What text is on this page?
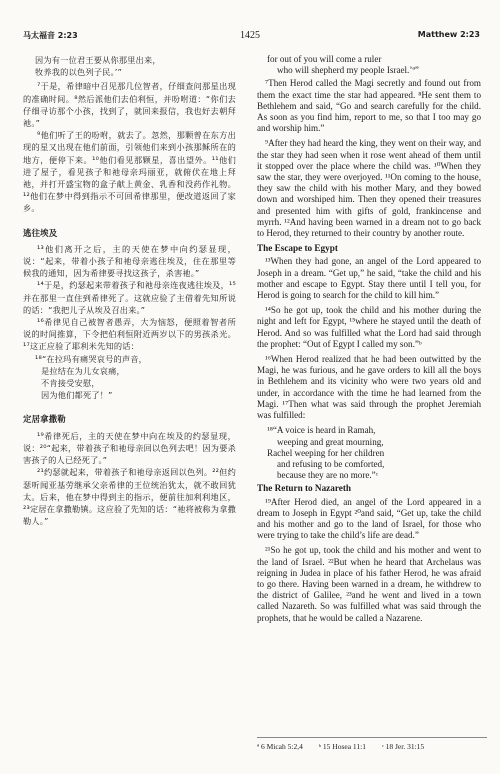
马太福音 2:23	1425	Matthew 2:23
因为有一位君王要从你那里出来，
牧养我的以色列子民。’”

⁷于是，希律暗中召见那几位智者，仔细查问那星出现的准确时间。⁸然后派他们去伯利恒，并吩咐道：“你们去仔细寻访那个小孩，找到了，就回来报信，我也好去朝拜祂。”

⁹他们听了王的吩咐，就去了。忽然，那颗曾在东方出现的星又出现在他们前面，引领他们来到小孩那稣所在的地方，便停下来。¹⁰他们看见那颗星，喜出望外。¹¹他们进了屋子，看见孩子和祂母亲玛丽亚，就俯伏在地上拜祂，并打开盛宝物的盒子献上黄金、乳香和没药作礼物。¹²他们在梦中得到指示不可回希律那里，便改道返回了家乡。

逃往埃及

¹³他们离开之后，主的天使在梦中向约瑟显现，说：“起来，带着小孩子和祂母亲逃往埃及，住在那里等候我的通知，因为希律要寻找这孩子，杀害祂。”

¹⁴于是，约瑟起来带着孩子和祂母亲连夜逃往埃及，¹⁵并在那里一直住到希律死了。这就应验了主借着先知所说的话：“我把儿子从埃及召出来。”

¹⁶希律见自己被智者愚弄，大为恼怒，便照着智者所说的时间推算，下令把伯利恒附近两岁以下的男孩杀光。¹⁷这正应验了耶利米先知的话：

¹⁸“在拉玛有痛哭哀号的声音，
是拉结在为儿女哀痛，
不肯接受安慰，
因为他们都死了！”
定居拿撒勒

¹⁹希律死后，主的天使在梦中向在埃及的约瑟显现，说：²⁰“起来，带着孩子和祂母亲回以色列去吧！因为要杀害孩子的人已经死了。”

²¹约瑟就起来，带着孩子和祂母亲返回以色列。²²但约瑟听闻亚基劳继承父亲希律的王位统治犹太，就不敢回犹太。后来，他在梦中得到主的指示，便前往加利利地区，²³定居在拿撒勒镇。这应验了先知的话：“祂将被称为拿撒勒人。”

for out of you will come a ruler
who will shepherd my people Israel.’ª”

⁷Then Herod called the Magi secretly and found out from them the exact time the star had appeared. ⁸He sent them to Bethlehem and said, “Go and search carefully for the child. As soon as you find him, report to me, so that I too may go and worship him.”

⁹After they had heard the king, they went on their way, and the star they had seen when it rose went ahead of them until it stopped over the place where the child was. ¹⁰When they saw the star, they were overjoyed. ¹¹On coming to the house, they saw the child with his mother Mary, and they bowed down and worshiped him. Then they opened their treasures and presented him with gifts of gold, frankincense and myrrh. ¹²And having been warned in a dream not to go back to Herod, they returned to their country by another route.

The Escape to Egypt

¹³When they had gone, an angel of the Lord appeared to Joseph in a dream. “Get up,” he said, “take the child and his mother and escape to Egypt. Stay there until I tell you, for Herod is going to search for the child to kill him.”

¹⁴So he got up, took the child and his mother during the night and left for Egypt, ¹⁵where he stayed until the death of Herod. And so was fulfilled what the Lord had said through the prophet: “Out of Egypt I called my son.”ᵇ

¹⁶When Herod realized that he had been outwitted by the Magi, he was furious, and he gave orders to kill all the boys in Bethlehem and its vicinity who were two years old and under, in accordance with the time he had learned from the Magi. ¹⁷Then what was said through the prophet Jeremiah was fulfilled:

¹⁸“A voice is heard in Ramah,
weeping and great mourning,
Rachel weeping for her children
and refusing to be comforted,
because they are no more.”ᶜ
The Return to Nazareth

¹⁹After Herod died, an angel of the Lord appeared in a dream to Joseph in Egypt ²⁰and said, “Get up, take the child and his mother and go to the land of Israel, for those who were trying to take the child’s life are dead.”

²¹So he got up, took the child and his mother and went to the land of Israel. ²²But when he heard that Archelaus was reigning in Judea in place of his father Herod, he was afraid to go there. Having been warned in a dream, he withdrew to the district of Galilee, ²³and he went and lived in a town called Nazareth. So was fulfilled what was said through the prophets, that he would be called a Nazarene.

ª 6 Micah 5:2,4 ᵇ 15 Hosea 11:1 ᶜ 18 Jer. 31:15
